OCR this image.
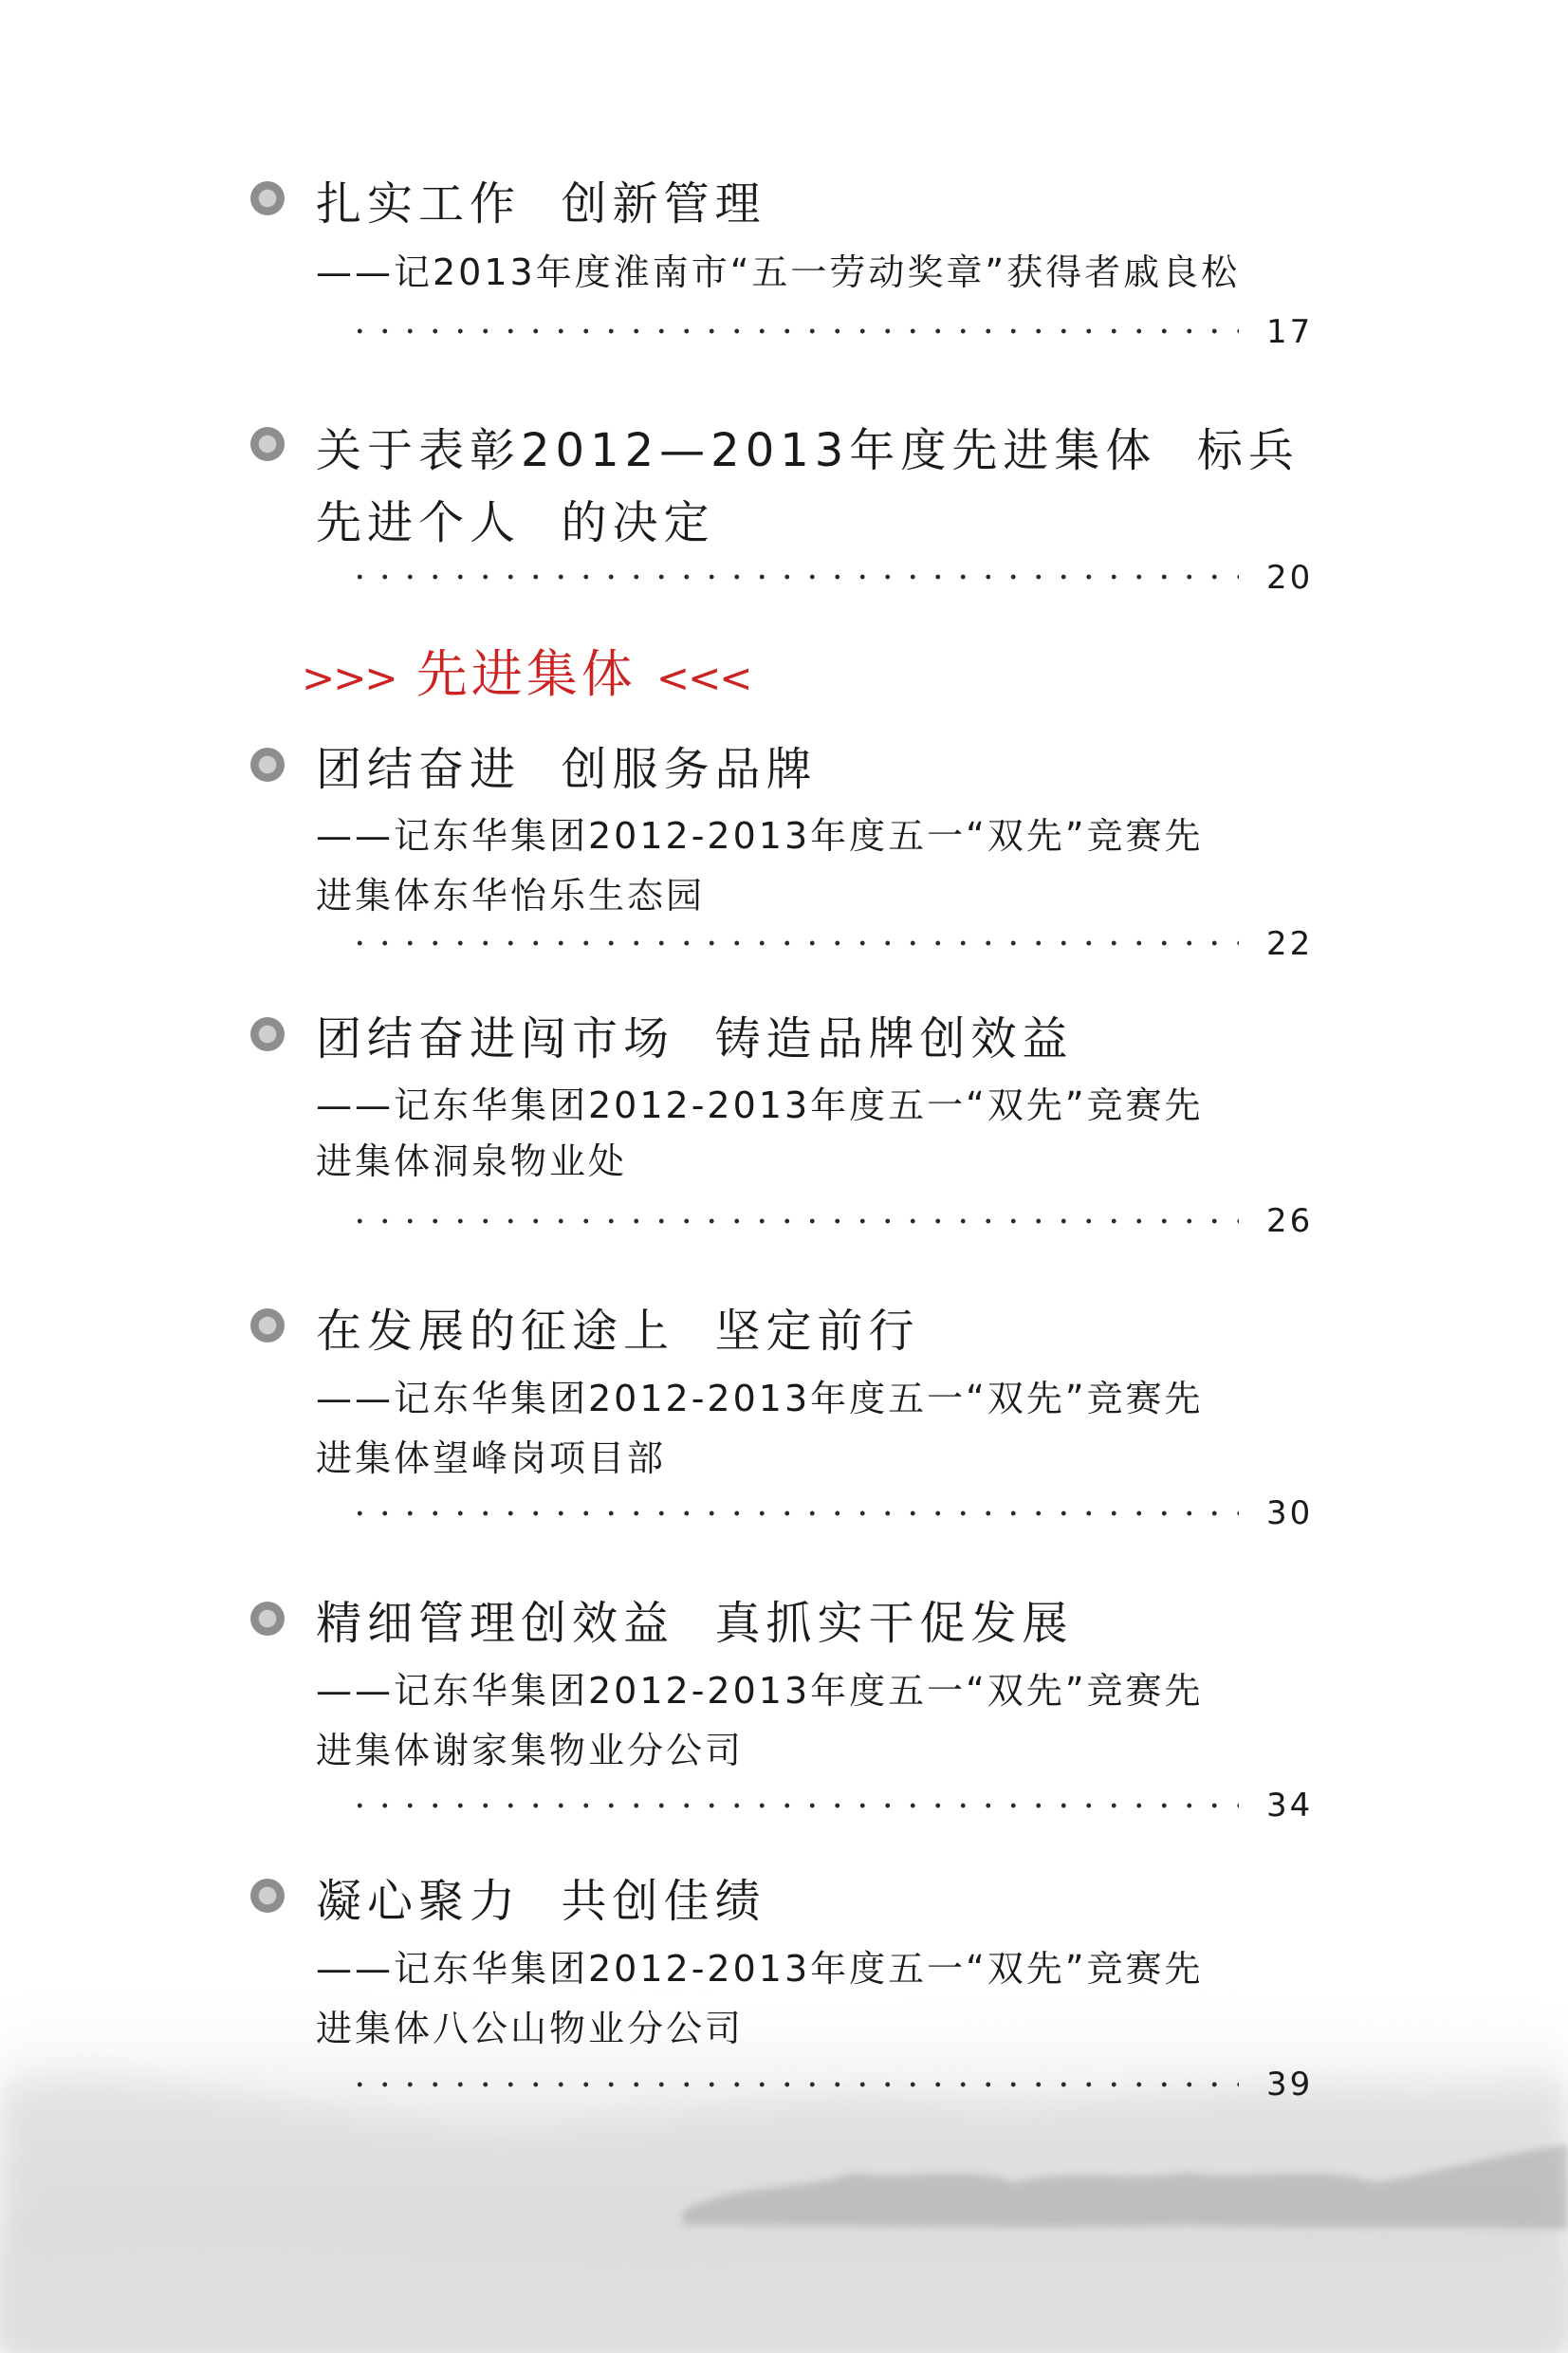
扎实工作  创新管理
——记2013年度淮南市“五一劳动奖章”获得者戚良松
17
关于表彰2012—2013年度先进集体  标兵
先进个人  的决定
20
>>> 先进集体 <<<
团结奋进  创服务品牌
——记东华集团2012-2013年度五一“双先”竞赛先
进集体东华怡乐生态园
22
团结奋进闯市场  铸造品牌创效益
——记东华集团2012-2013年度五一“双先”竞赛先
进集体洞泉物业处
26
在发展的征途上  坚定前行
——记东华集团2012-2013年度五一“双先”竞赛先
进集体望峰岗项目部
30
精细管理创效益  真抓实干促发展
——记东华集团2012-2013年度五一“双先”竞赛先
进集体谢家集物业分公司
34
凝心聚力  共创佳绩
——记东华集团2012-2013年度五一“双先”竞赛先
进集体八公山物业分公司
39
